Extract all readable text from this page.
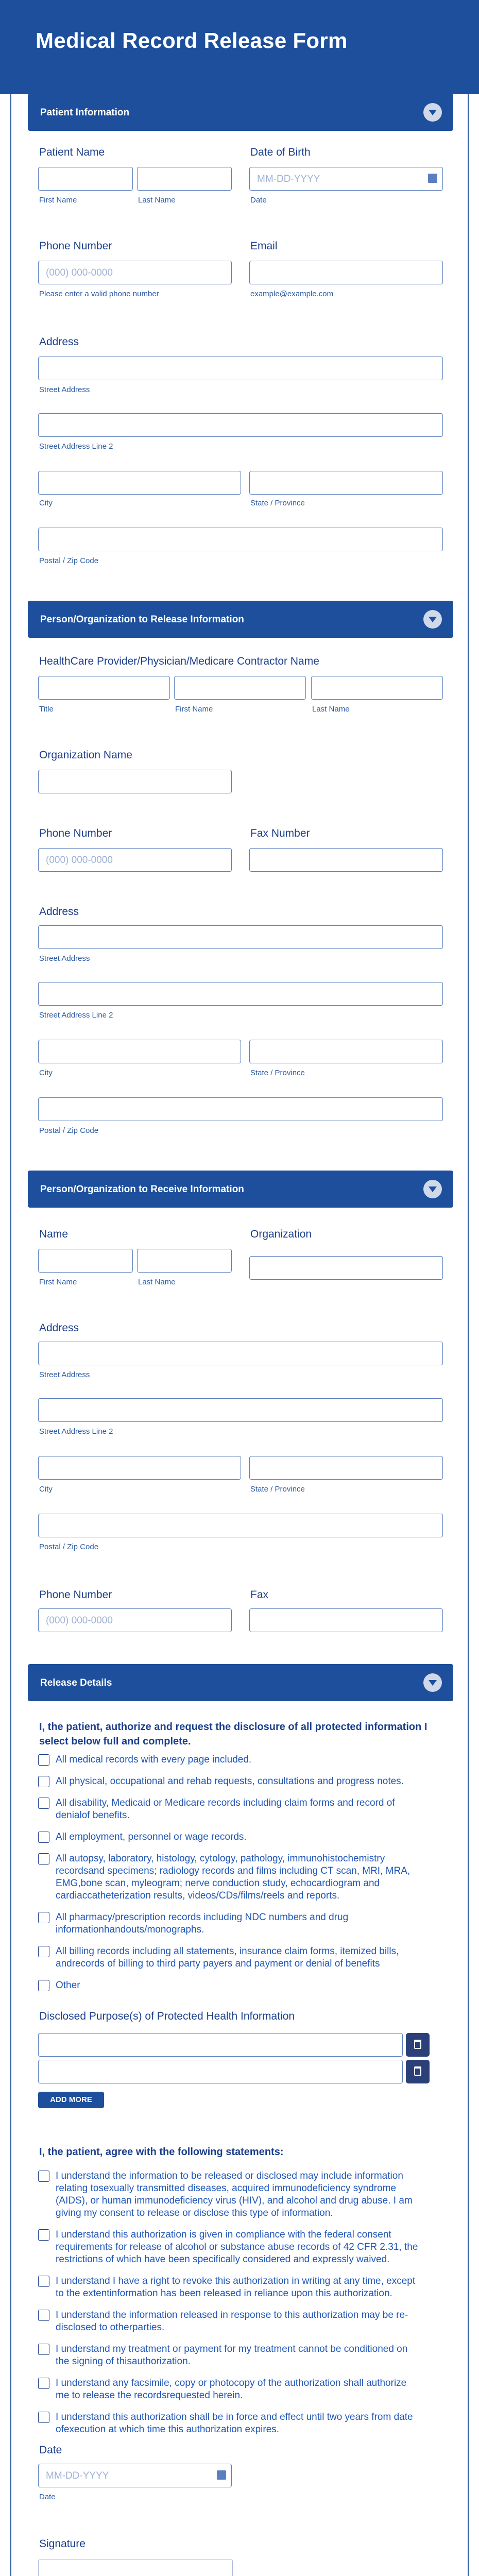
Medical Record Release Form
Patient Information
Patient Name
First Name	Last Name
Date of Birth
MM-DD-YYYY
Date
Phone Number
(000) 000-0000
Please enter a valid phone number
Email
example@example.com
Address
Street Address
Street Address Line 2
City	State / Province
Postal / Zip Code
Person/Organization to Release Information
HealthCare Provider/Physician/Medicare Contractor Name
Title	First Name	Last Name
Organization Name
Phone Number
(000) 000-0000
Fax Number
Address
Street Address
Street Address Line 2
City	State / Province
Postal / Zip Code
Person/Organization to Receive Information
Name
First Name	Last Name
Organization
Address
Street Address
Street Address Line 2
City	State / Province
Postal / Zip Code
Phone Number
(000) 000-0000
Fax
Release Details
I, the patient, authorize and request the disclosure of all protected information I
select below full and complete.
All medical records with every page included.
All physical, occupational and rehab requests, consultations and progress notes.
All disability, Medicaid or Medicare records including claim forms and record of
denialof benefits.
All employment, personnel or wage records.
All autopsy, laboratory, histology, cytology, pathology, immunohistochemistry
recordsand specimens; radiology records and films including CT scan, MRI, MRA,
EMG,bone scan, myleogram; nerve conduction study, echocardiogram and
cardiaccatheterization results, videos/CDs/films/reels and reports.
All pharmacy/prescription records including NDC numbers and drug
informationhandouts/monographs.
All billing records including all statements, insurance claim forms, itemized bills,
andrecords of billing to third party payers and payment or denial of benefits
Other
Disclosed Purpose(s) of Protected Health Information
ADD MORE
I, the patient, agree with the following statements:
I understand the information to be released or disclosed may include information
relating tosexually transmitted diseases, acquired immunodeficiency syndrome
(AIDS), or human immunodeficiency virus (HIV), and alcohol and drug abuse. I am
giving my consent to release or disclose this type of information.
I understand this authorization is given in compliance with the federal consent
requirements for release of alcohol or substance abuse records of 42 CFR 2.31, the
restrictions of which have been specifically considered and expressly waived.
I understand I have a right to revoke this authorization in writing at any time, except
to the extentinformation has been released in reliance upon this authorization.
I understand the information released in response to this authorization may be re-
disclosed to otherparties.
I understand my treatment or payment for my treatment cannot be conditioned on
the signing of thisauthorization.
I understand any facsimile, copy or photocopy of the authorization shall authorize
me to release the recordsrequested herein.
I understand this authorization shall be in force and effect until two years from date
ofexecution at which time this authorization expires.
Date
MM-DD-YYYY
Date
Signature
